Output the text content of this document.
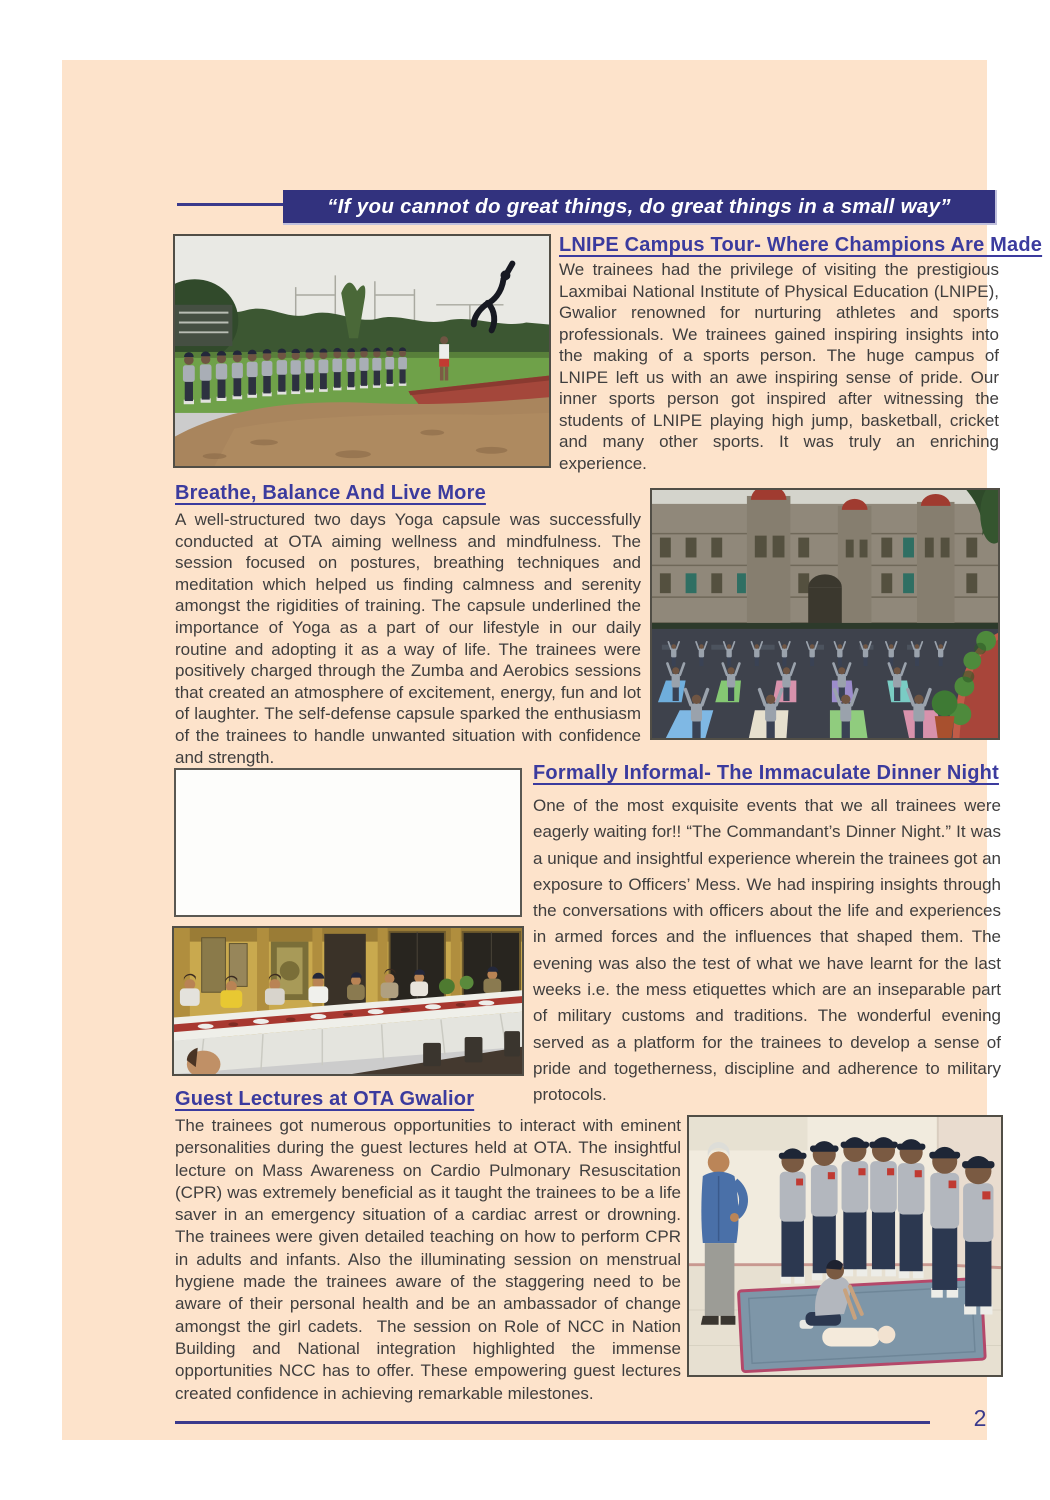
“If you cannot do great things, do great things in a small way”
LNIPE Campus Tour- Where Champions Are Made

We trainees had the privilege of visiting the prestigious Laxmibai National Institute of Physical Education (LNIPE), Gwalior renowned for nurturing athletes and sports professionals. We trainees gained inspiring insights into the making of a sports person. The huge campus of LNIPE left us with an awe inspiring sense of pride. Our inner sports person got inspired after witnessing the students of LNIPE playing high jump, basketball, cricket and many other sports. It was truly an enriching experience.

Breathe, Balance And Live More

A well-structured two days Yoga capsule was successfully conducted at OTA aiming wellness and mindfulness. The session focused on postures, breathing techniques and meditation which helped us finding calmness and serenity amongst the rigidities of training. The capsule underlined the importance of Yoga as a part of our lifestyle in our daily routine and adopting it as a way of life. The trainees were positively charged through the Zumba and Aerobics sessions that created an atmosphere of excitement, energy, fun and lot of laughter. The self-defense capsule sparked the enthusiasm of the trainees to handle unwanted situation with confidence and strength.

Formally Informal- The Immaculate Dinner Night

One of the most exquisite events that we all trainees were eagerly waiting for!! “The Commandant’s Dinner Night.” It was a unique and insightful experience wherein the trainees got an exposure to Officers’ Mess. We had inspiring insights through the conversations with officers about the life and experiences in armed forces and the influences that shaped them. The evening was also the test of what we have learnt for the last weeks i.e. the mess etiquettes which are an inseparable part of military customs and traditions. The wonderful evening served as a platform for the trainees to develop a sense of pride and togetherness, discipline and adherence to military protocols.

Guest Lectures at OTA Gwalior

The trainees got numerous opportunities to interact with eminent personalities during the guest lectures held at OTA. The insightful lecture on Mass Awareness on Cardio Pulmonary Resuscitation (CPR) was extremely beneficial as it taught the trainees to be a life saver in an emergency situation of a cardiac arrest or drowning. The trainees were given detailed teaching on how to perform CPR in adults and infants. Also the illuminating session on menstrual hygiene made the trainees aware of the staggering need to be aware of their personal health and be an ambassador of change amongst the girl cadets.  The session on Role of NCC in Nation Building and National integration highlighted the immense opportunities NCC has to offer. These empowering guest lectures created confidence in achieving remarkable milestones.

2
